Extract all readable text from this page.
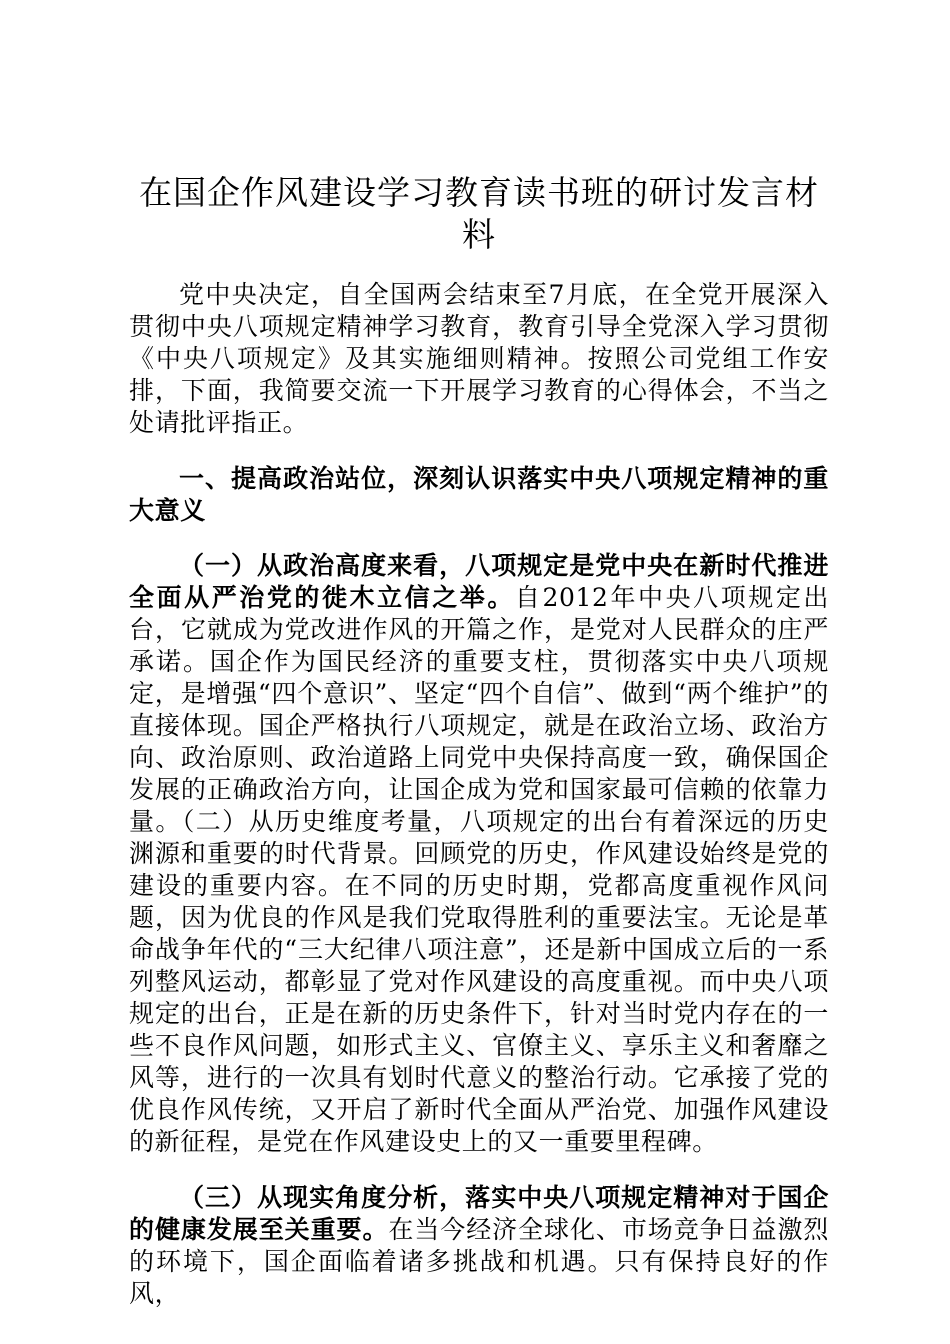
在国企作风建设学习教育读书班的研讨发言材料

党中央决定，自全国两会结束至7月底，在全党开展深入贯彻中央八项规定精神学习教育，教育引导全党深入学习贯彻《中央八项规定》及其实施细则精神。按照公司党组工作安排，下面，我简要交流一下开展学习教育的心得体会，不当之处请批评指正。

一、提高政治站位，深刻认识落实中央八项规定精神的重大意义

（一）从政治高度来看，八项规定是党中央在新时代推进全面从严治党的徙木立信之举。自2012年中央八项规定出台，它就成为党改进作风的开篇之作，是党对人民群众的庄严承诺。国企作为国民经济的重要支柱，贯彻落实中央八项规定，是增强“四个意识”、坚定“四个自信”、做到“两个维护”的直接体现。国企严格执行八项规定，就是在政治立场、政治方向、政治原则、政治道路上同党中央保持高度一致，确保国企发展的正确政治方向，让国企成为党和国家最可信赖的依靠力量。（二）从历史维度考量，八项规定的出台有着深远的历史渊源和重要的时代背景。回顾党的历史，作风建设始终是党的建设的重要内容。在不同的历史时期，党都高度重视作风问题，因为优良的作风是我们党取得胜利的重要法宝。无论是革命战争年代的“三大纪律八项注意”，还是新中国成立后的一系列整风运动，都彰显了党对作风建设的高度重视。而中央八项规定的出台，正是在新的历史条件下，针对当时党内存在的一些不良作风问题，如形式主义、官僚主义、享乐主义和奢靡之风等，进行的一次具有划时代意义的整治行动。它承接了党的优良作风传统，又开启了新时代全面从严治党、加强作风建设的新征程，是党在作风建设史上的又一重要里程碑。

（三）从现实角度分析，落实中央八项规定精神对于国企的健康发展至关重要。在当今经济全球化、市场竞争日益激烈的环境下，国企面临着诸多挑战和机遇。只有保持良好的作风，
